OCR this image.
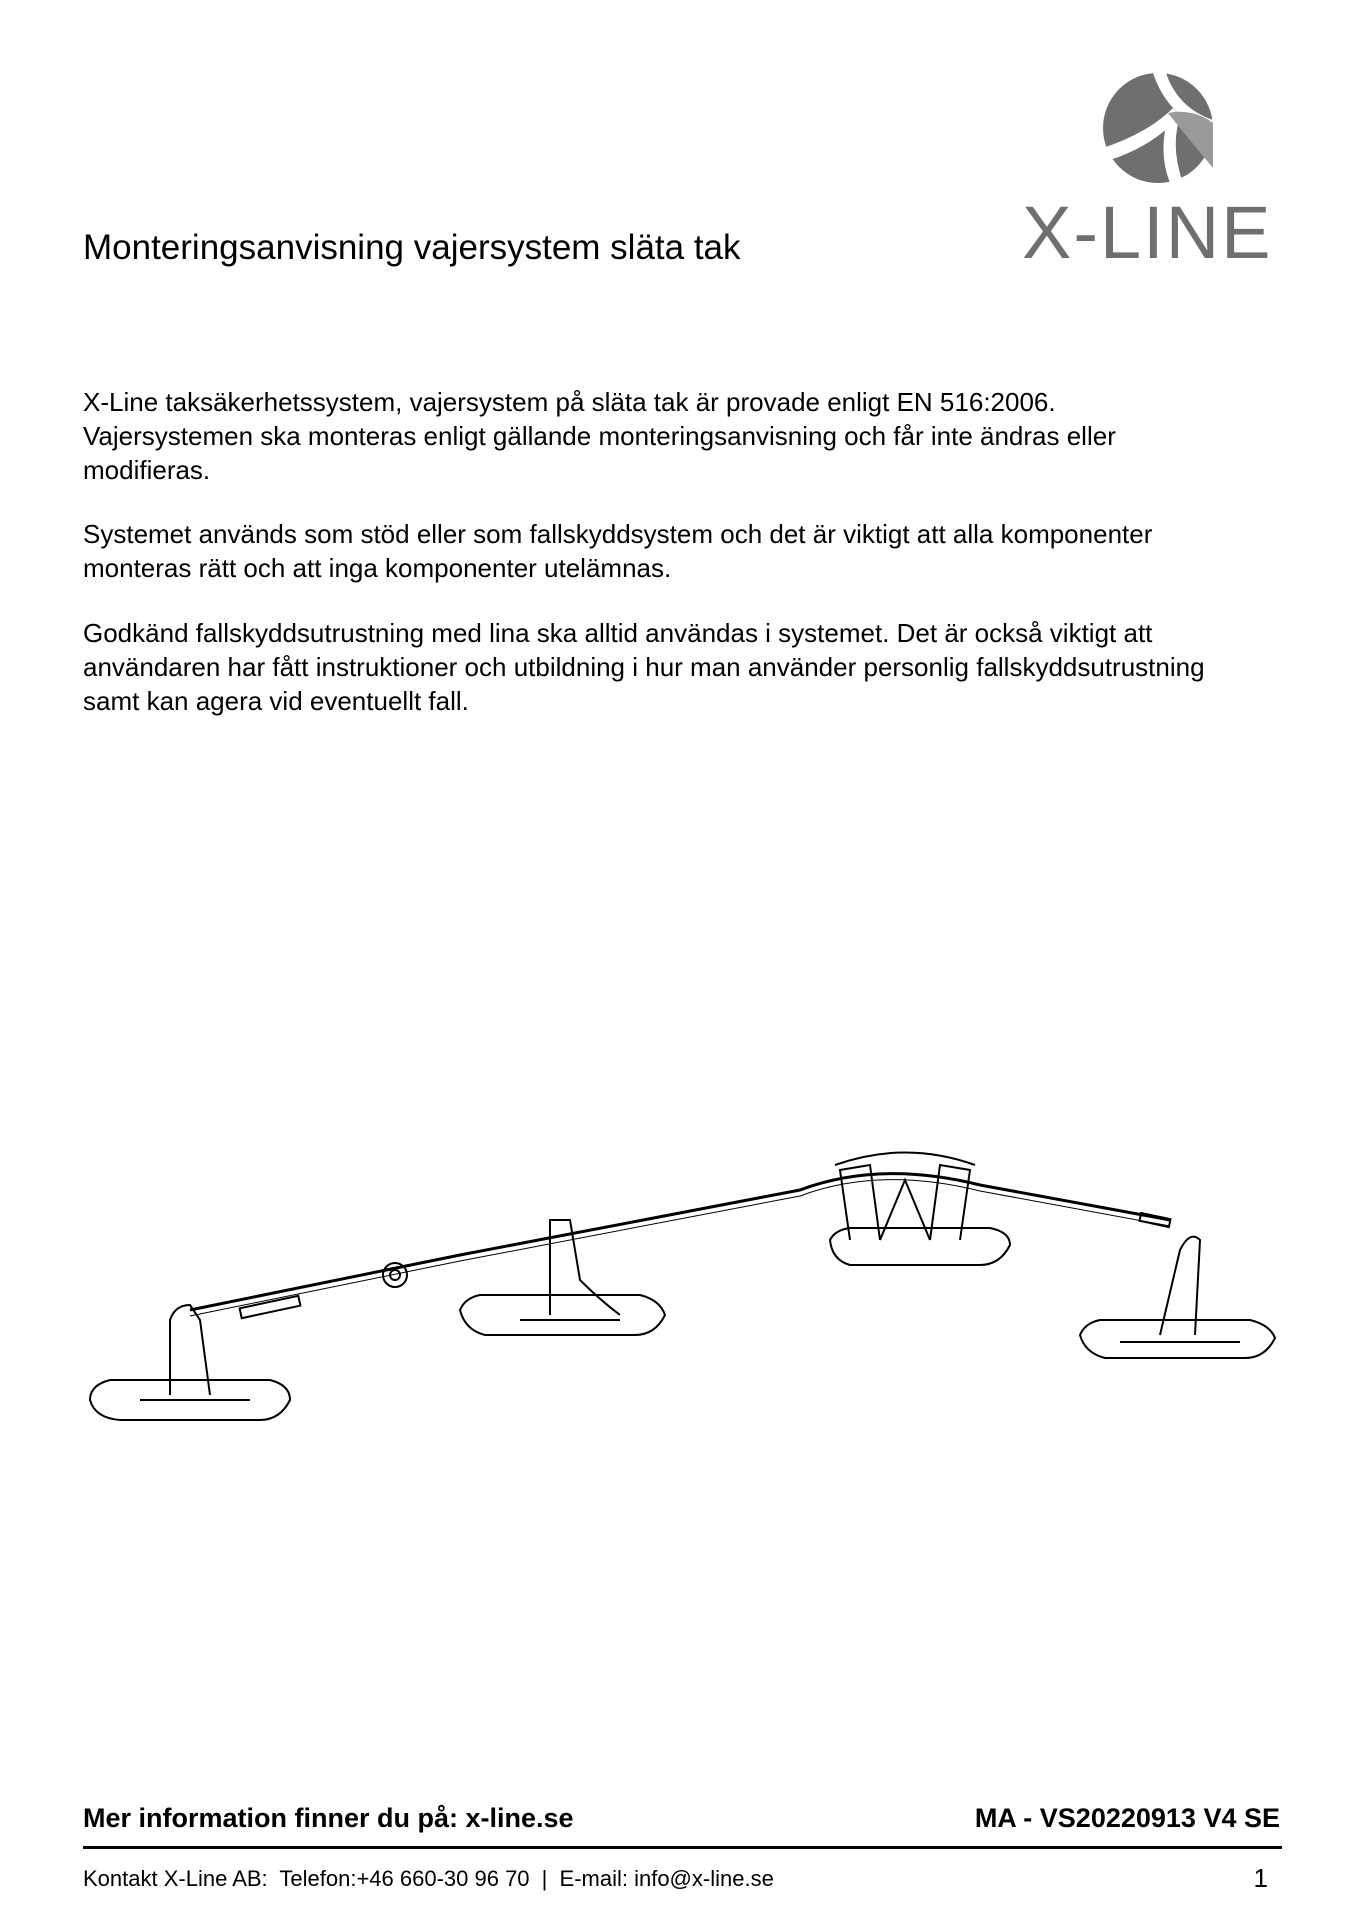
X-LINE
Monteringsanvisning vajersystem släta tak

X-Line taksäkerhetssystem, vajersystem på släta tak är provade enligt EN 516:2006.
Vajersystemen ska monteras enligt gällande monteringsanvisning och får inte ändras eller
modifieras.

Systemet används som stöd eller som fallskyddsystem och det är viktigt att alla komponenter
monteras rätt och att inga komponenter utelämnas.

Godkänd fallskyddsutrustning med lina ska alltid användas i systemet. Det är också viktigt att
användaren har fått instruktioner och utbildning i hur man använder personlig fallskyddsutrustning
samt kan agera vid eventuellt fall.

Mer information finner du på: x-line.se	MA - VS20220913 V4 SE
Kontakt X-Line AB: Telefon:+46 660-30 96 70 | E-mail: info@x-line.se	1
